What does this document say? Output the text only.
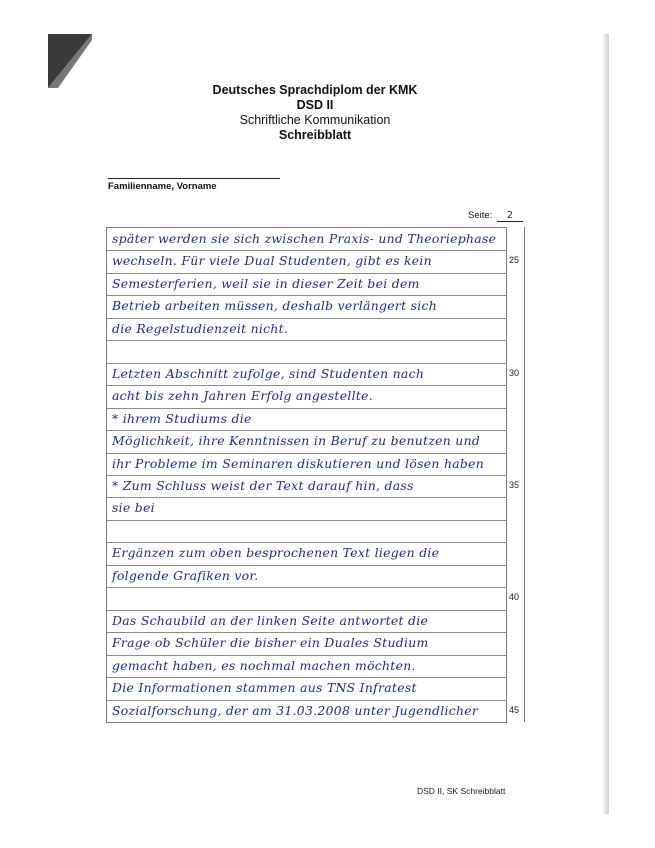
Deutsches Sprachdiplom der KMK
DSD II
Schriftliche Kommunikation
Schreibblatt
Familienname, Vorname
Seite: 2
25
30
35
40
45
später werden sie sich zwischen Praxis- und Theoriephase
wechseln. Für viele Dual Studenten, gibt es kein
Semesterferien, weil sie in dieser Zeit bei dem
Betrieb arbeiten müssen, deshalb verlängert sich
die Regelstudienzeit nicht.
Letzten Abschnitt zufolge, sind Studenten nach
acht bis zehn Jahren Erfolg angestellte.
* ihrem Studiums die
Möglichkeit, ihre Kenntnissen in Beruf zu benutzen und
ihr Probleme im Seminaren diskutieren und lösen haben
* Zum Schluss weist der Text darauf hin, dass
sie bei
Ergänzen zum oben besprochenen Text liegen die
folgende Grafiken vor.
Das Schaubild an der linken Seite antwortet die
Frage ob Schüler die bisher ein Duales Studium
gemacht haben, es nochmal machen möchten.
Die Informationen stammen aus TNS Infratest
Sozialforschung, der am 31.03.2008 unter Jugendlicher
DSD II, SK Schreibblatt
